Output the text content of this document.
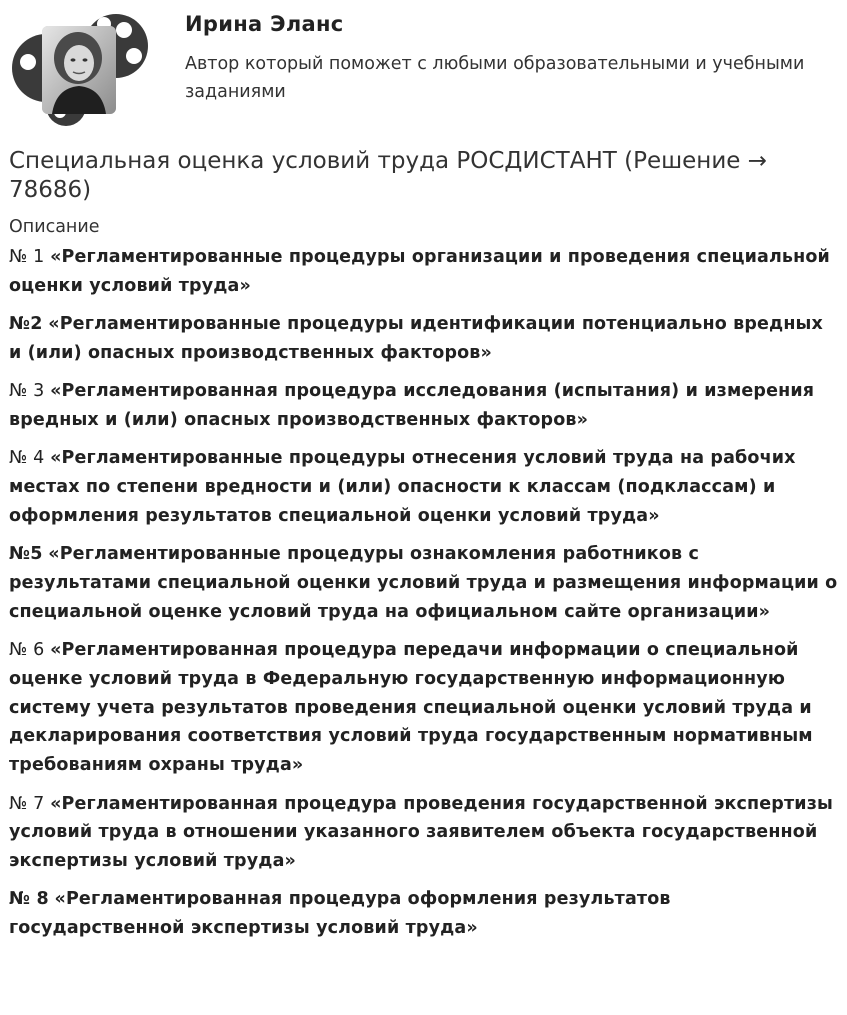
Ирина Эланс
Автор который поможет с любыми образовательными и учебными заданиями
Специальная оценка условий труда РОСДИСТАНТ (Решение → 78686)
Описание

№ 1 «Регламентированные процедуры организации и проведения специальной оценки условий труда»

№2 «Регламентированные процедуры идентификации потенциально вредных и (или) опасных производственных факторов»

№ 3 «Регламентированная процедура исследования (испытания) и измерения вредных и (или) опасных производственных факторов»

№ 4 «Регламентированные процедуры отнесения условий труда на рабочих местах по степени вредности и (или) опасности к классам (подклассам) и оформления результатов специальной оценки условий труда»

№5 «Регламентированные процедуры ознакомления работников с результатами специальной оценки условий труда и размещения информации о специальной оценке условий труда на официальном сайте организации»

№ 6 «Регламентированная процедура передачи информации о специальной оценке условий труда в Федеральную государственную информационную систему учета результатов проведения специальной оценки условий труда и декларирования соответствия условий труда государственным нормативным требованиям охраны труда»

№ 7 «Регламентированная процедура проведения государственной экспертизы условий труда в отношении указанного заявителем объекта государственной экспертизы условий труда»

№ 8 «Регламентированная процедура оформления результатов государственной экспертизы условий труда»
